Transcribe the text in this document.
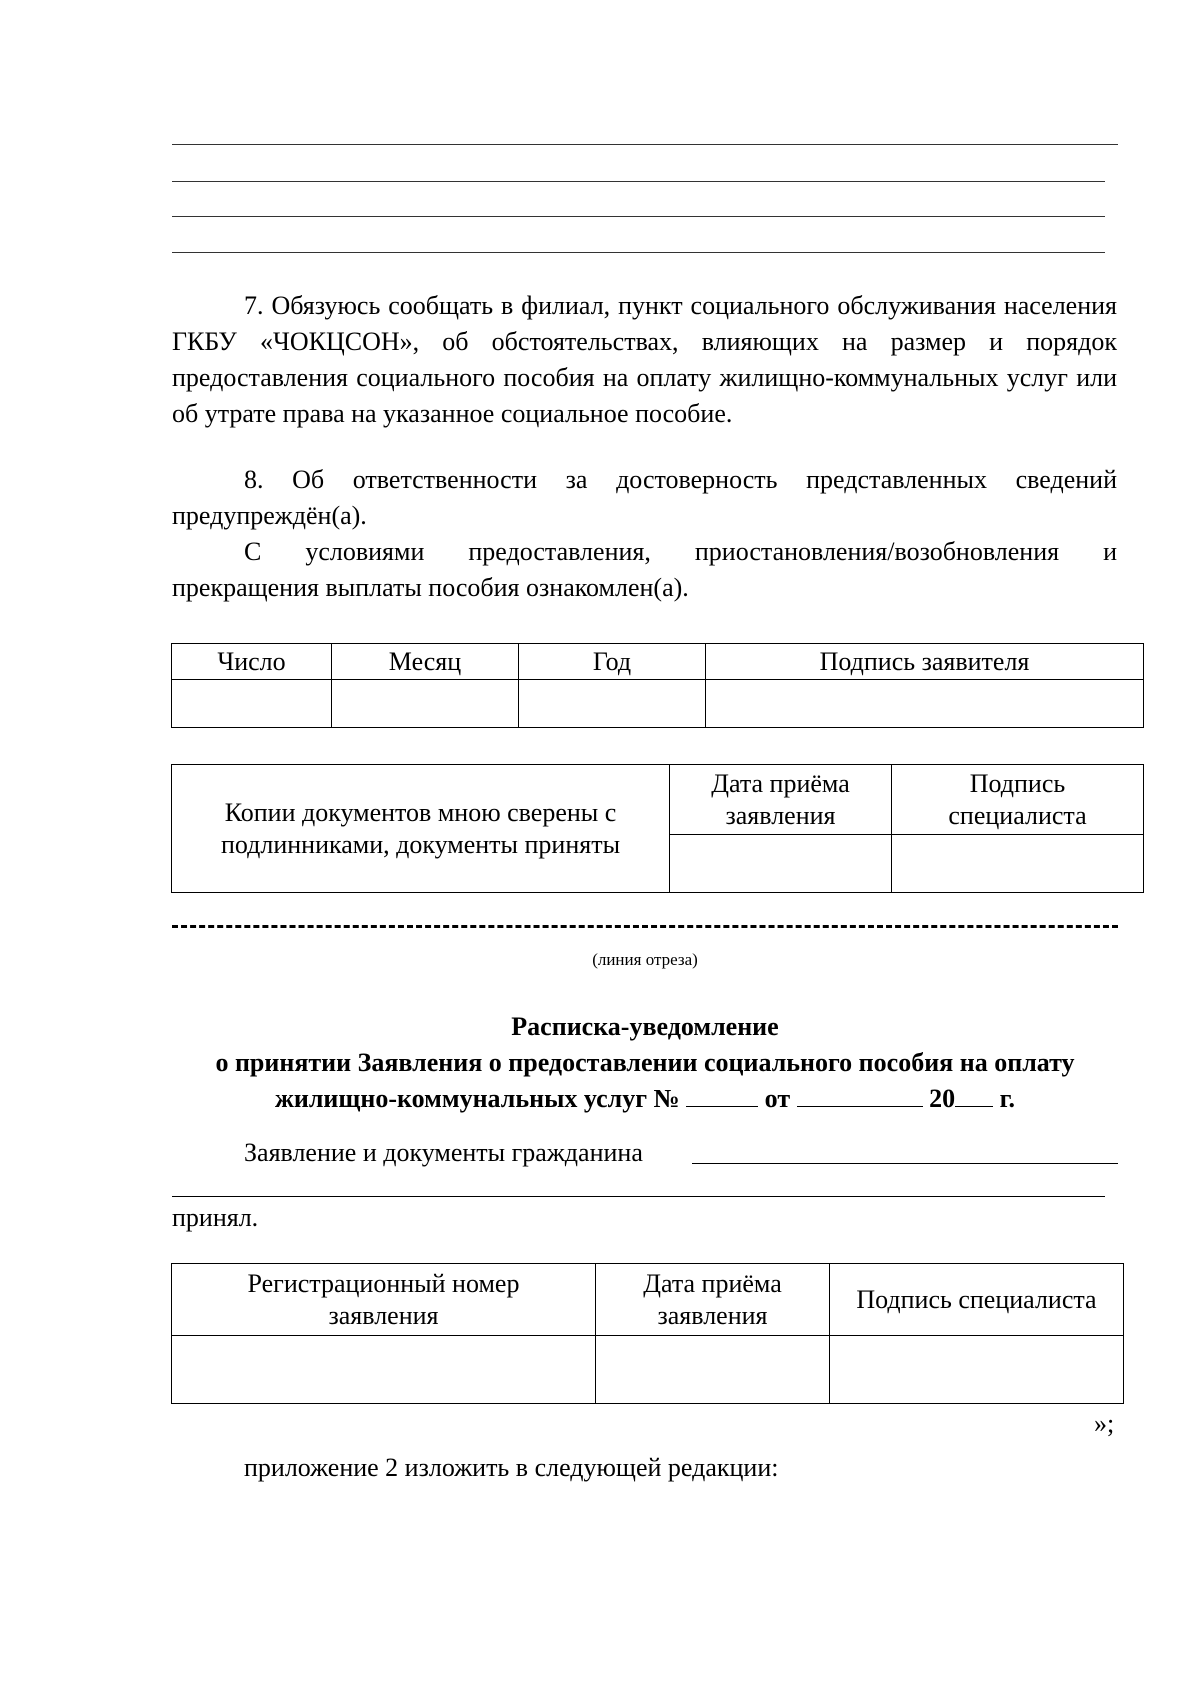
7. Обязуюсь сообщать в филиал, пункт социального обслуживания населения ГКБУ «ЧОКЦСОН», об обстоятельствах, влияющих на размер и порядок предоставления социального пособия на оплату жилищно-коммунальных услуг или об утрате права на указанное социальное пособие.

8. Об ответственности за достоверность представленных сведений предупреждён(а).

С условиями предоставления, приостановления/возобновления и прекращения выплаты пособия ознакомлен(а).

Число	Месяц	Год	Подпись заявителя

Копии документов мною сверены с подлинниками, документы приняты	Дата приёма заявления	Подпись специалиста

(линия отреза)

Расписка-уведомление

о принятии Заявления о предоставлении социального пособия на оплату

жилищно-коммунальных услуг №	от	20 г.

Заявление и документы гражданина

принял.

Регистрационный номер заявления	Дата приёма заявления	Подпись специалиста

»;

приложение 2 изложить в следующей редакции:
